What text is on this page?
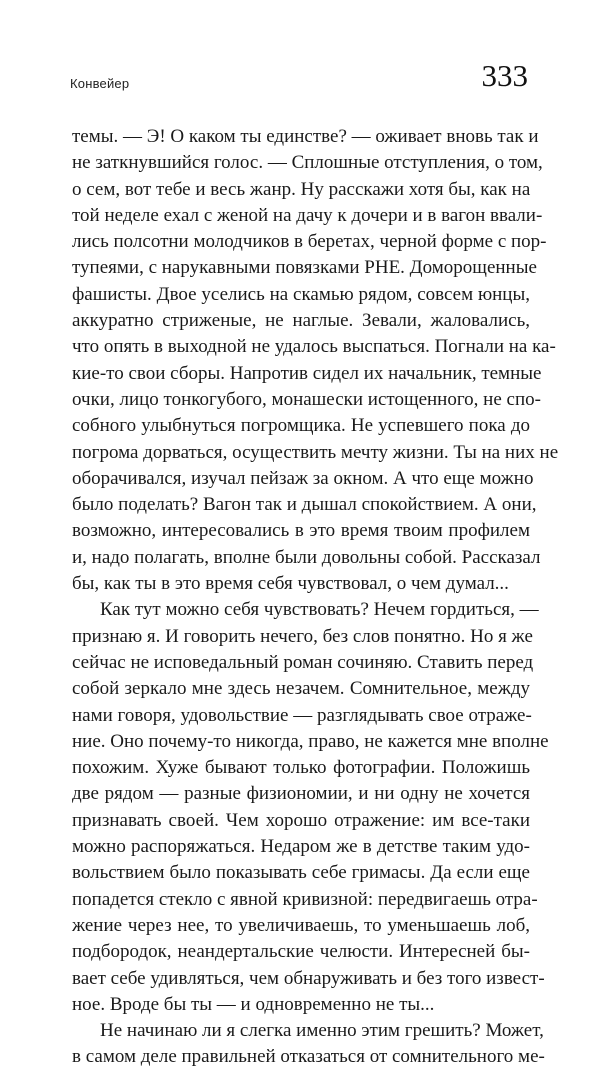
Конвейер	333
темы. — Э! О каком ты единстве? — оживает вновь так и
не заткнувшийся голос. — Сплошные отступления, о том,
о сем, вот тебе и весь жанр. Ну расскажи хотя бы, как на
той неделе ехал с женой на дачу к дочери и в вагон ввали-
лись полсотни молодчиков в беретах, черной форме с пор-
тупеями, с нарукавными повязками РНЕ. Доморощенные
фашисты. Двое уселись на скамью рядом, совсем юнцы,
аккуратно стриженые, не наглые. Зевали, жаловались,
что опять в выходной не удалось выспаться. Погнали на ка-
кие-то свои сборы. Напротив сидел их начальник, темные
очки, лицо тонкогубого, монашески истощенного, не спо-
собного улыбнуться погромщика. Не успевшего пока до
погрома дорваться, осуществить мечту жизни. Ты на них не
оборачивался, изучал пейзаж за окном. А что еще можно
было поделать? Вагон так и дышал спокойствием. А они,
возможно, интересовались в это время твоим профилем
и, надо полагать, вполне были довольны собой. Рассказал
бы, как ты в это время себя чувствовал, о чем думал...
Как тут можно себя чувствовать? Нечем гордиться, —
признаю я. И говорить нечего, без слов понятно. Но я же
сейчас не исповедальный роман сочиняю. Ставить перед
собой зеркало мне здесь незачем. Сомнительное, между
нами говоря, удовольствие — разглядывать свое отраже-
ние. Оно почему-то никогда, право, не кажется мне вполне
похожим. Хуже бывают только фотографии. Положишь
две рядом — разные физиономии, и ни одну не хочется
признавать своей. Чем хорошо отражение: им все-таки
можно распоряжаться. Недаром же в детстве таким удо-
вольствием было показывать себе гримасы. Да если еще
попадется стекло с явной кривизной: передвигаешь отра-
жение через нее, то увеличиваешь, то уменьшаешь лоб,
подбородок, неандертальские челюсти. Интересней бы-
вает себе удивляться, чем обнаруживать и без того извест-
ное. Вроде бы ты — и одновременно не ты...
Не начинаю ли я слегка именно этим грешить? Может,
в самом деле правильней отказаться от сомнительного ме-
